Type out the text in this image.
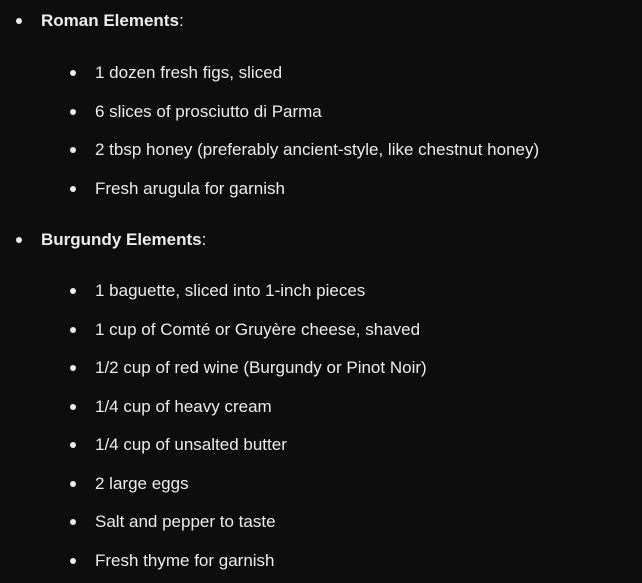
Roman Elements:
1 dozen fresh figs, sliced
6 slices of prosciutto di Parma
2 tbsp honey (preferably ancient-style, like chestnut honey)
Fresh arugula for garnish
Burgundy Elements:
1 baguette, sliced into 1-inch pieces
1 cup of Comté or Gruyère cheese, shaved
1/2 cup of red wine (Burgundy or Pinot Noir)
1/4 cup of heavy cream
1/4 cup of unsalted butter
2 large eggs
Salt and pepper to taste
Fresh thyme for garnish
